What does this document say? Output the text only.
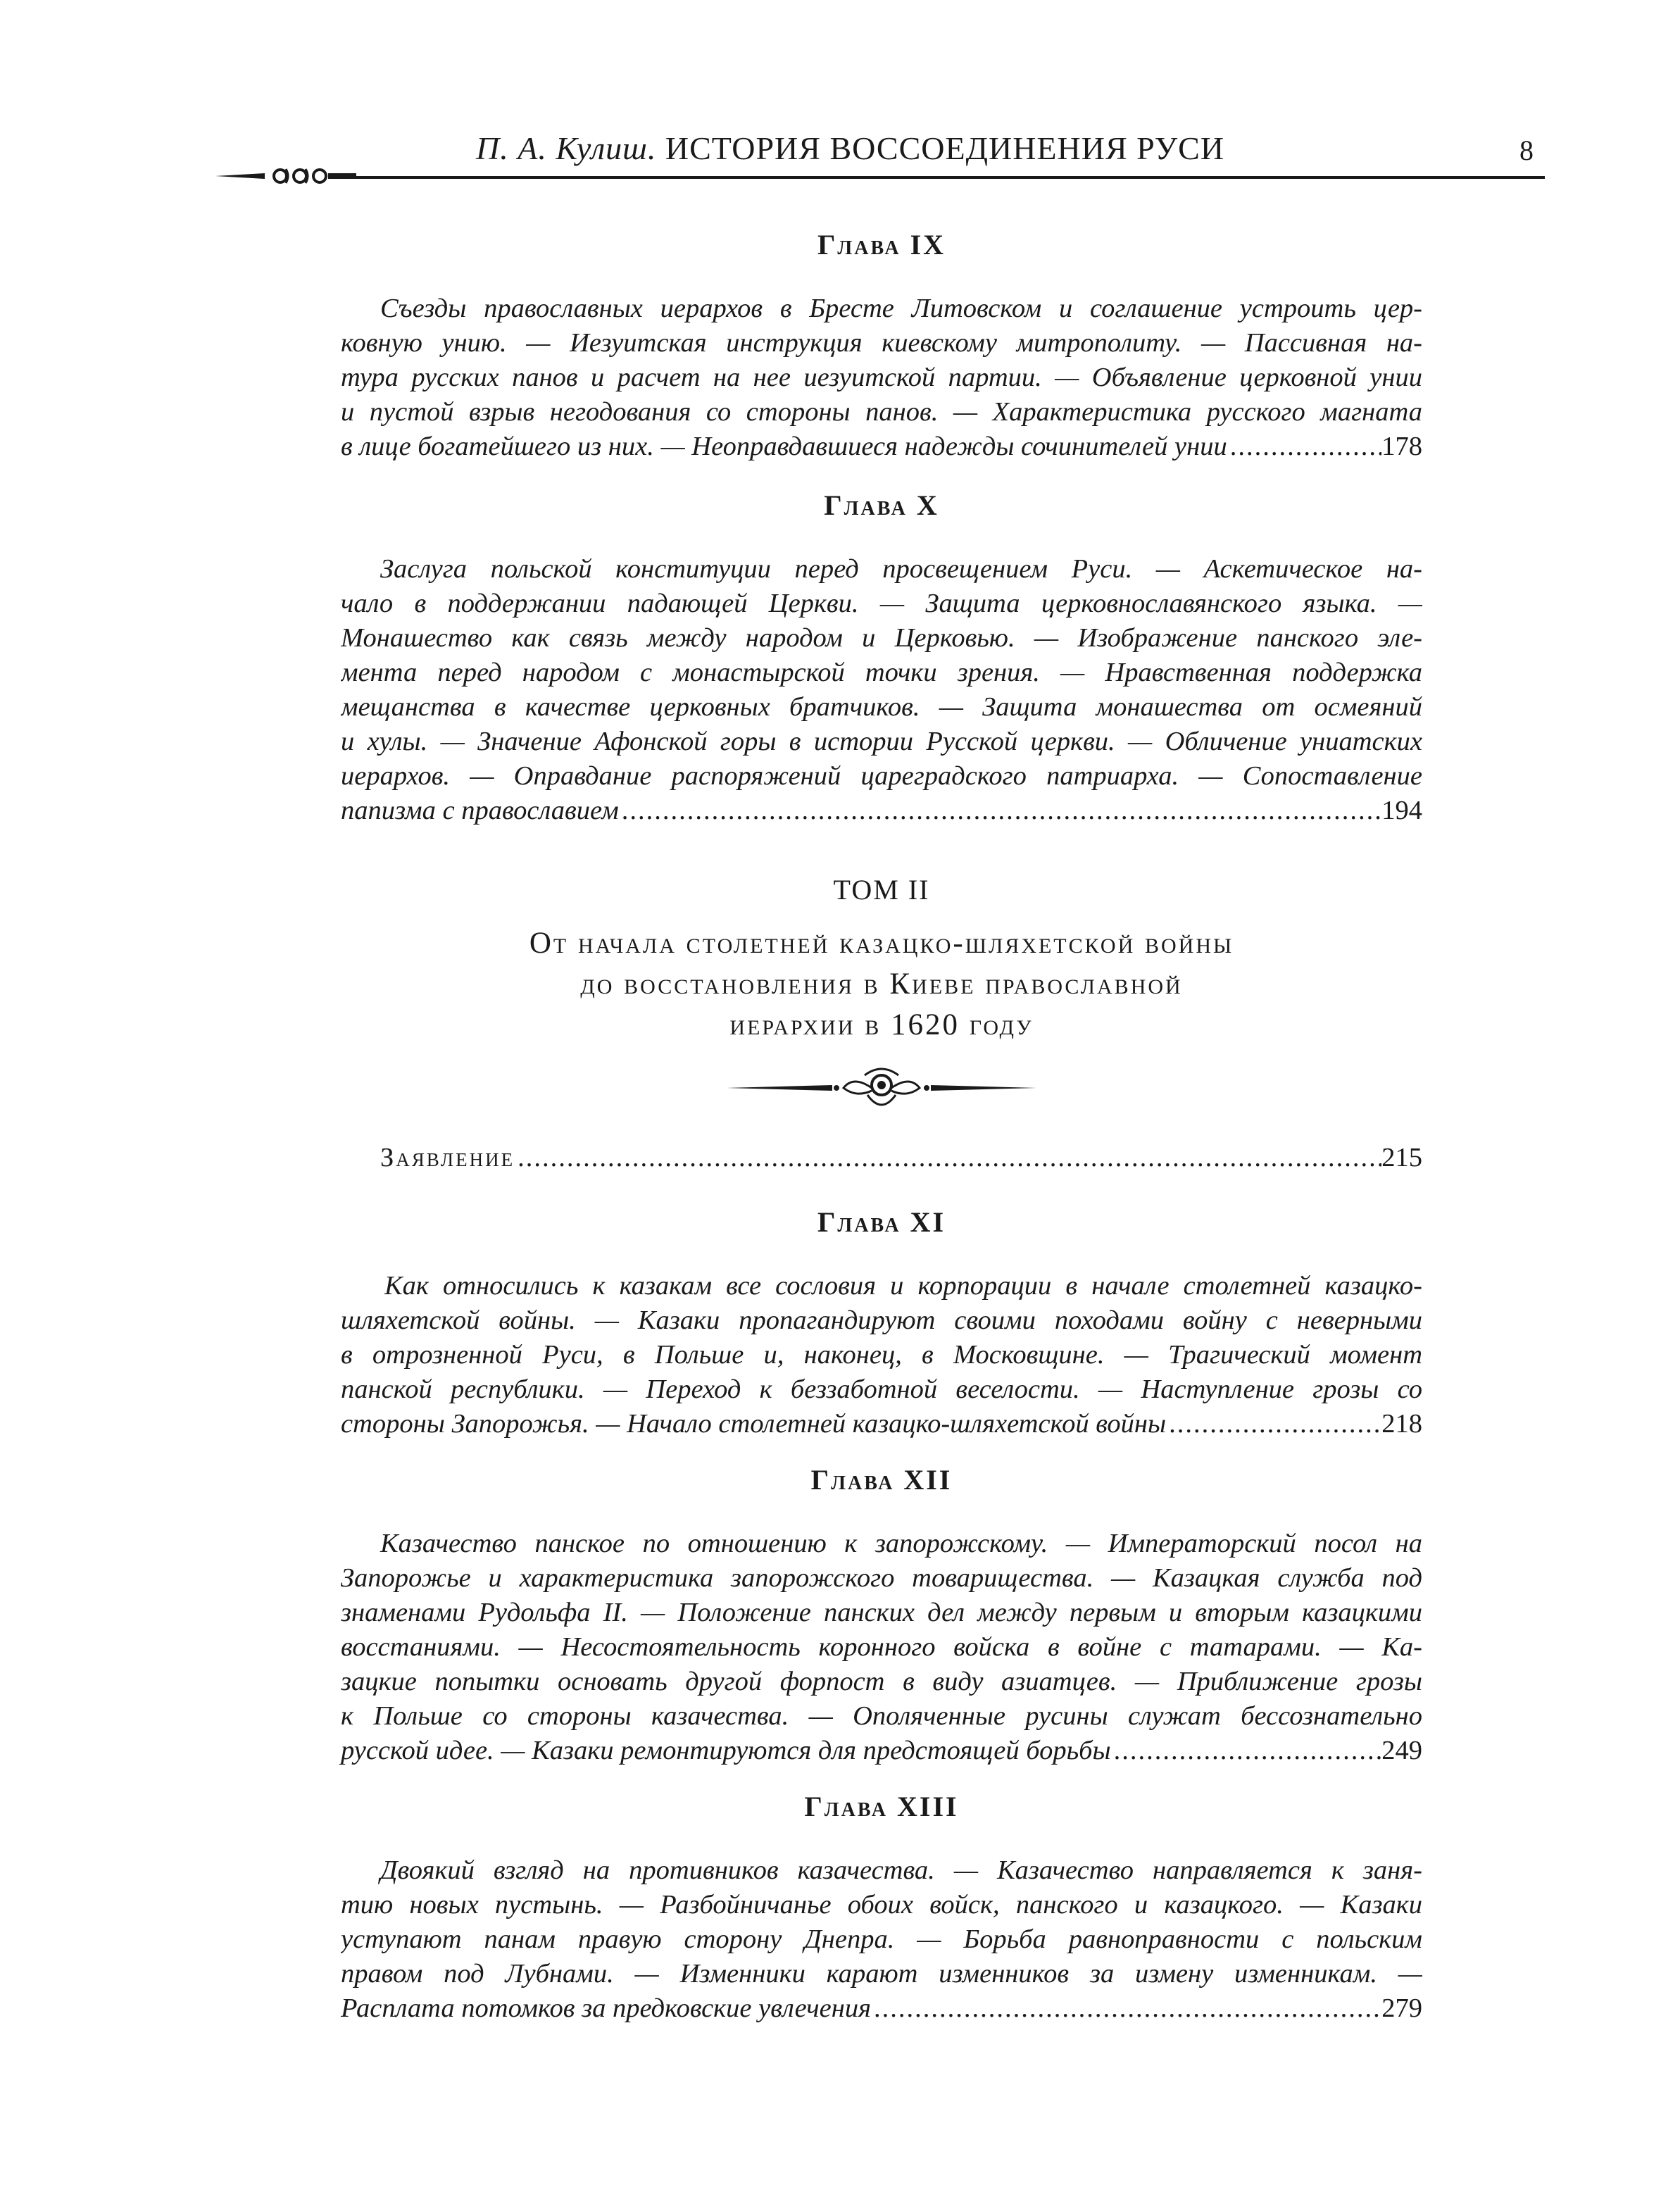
П. А. Кулиш. ИСТОРИЯ ВОССОЕДИНЕНИЯ РУСИ	8
Глава IX
Съезды православных иерархов в Бресте Литовском и соглашение устроить цер-
ковную унию. — Иезуитская инструкция киевскому митрополиту. — Пассивная на-
тура русских панов и расчет на нее иезуитской партии. — Объявление церковной унии
и пустой взрыв негодования со стороны панов. — Характеристика русского магната
в лице богатейшего из них. — Неоправдавшиеся надежды сочинителей унии .....	178
Глава X
Заслуга польской конституции перед просвещением Руси. — Аскетическое на-
чало в поддержании падающей Церкви. — Защита церковнославянского языка. —
Монашество как связь между народом и Церковью. — Изображение панского эле-
мента перед народом с монастырской точки зрения. — Нравственная поддержка
мещанства в качестве церковных братчиков. — Защита монашества от осмеяний
и хулы. — Значение Афонской горы в истории Русской церкви. — Обличение униатских
иерархов. — Оправдание распоряжений цареградского патриарха. — Сопоставление
папизма с православием .....	194
ТОМ II
От начала столетней казацко-шляхетской войны
до восстановления в Киеве православной
иерархии в 1620 году
Заявление .....	215
Глава XI
Как относились к казакам все сословия и корпорации в начале столетней казацко-
шляхетской войны. — Казаки пропагандируют своими походами войну с неверными
в отрозненной Руси, в Польше и, наконец, в Московщине. — Трагический момент
панской республики. — Переход к беззаботной веселости. — Наступление грозы со
стороны Запорожья. — Начало столетней казацко-шляхетской войны .....	218
Глава XII
Казачество панское по отношению к запорожскому. — Императорский посол на
Запорожье и характеристика запорожского товарищества. — Казацкая служба под
знаменами Рудольфа II. — Положение панских дел между первым и вторым казацкими
восстаниями. — Несостоятельность коронного войска в войне с татарами. — Ка-
зацкие попытки основать другой форпост в виду азиатцев. — Приближение грозы
к Польше со стороны казачества. — Ополяченные русины служат бессознательно
русской идее. — Казаки ремонтируются для предстоящей борьбы .....	249
Глава XIII
Двоякий взгляд на противников казачества. — Казачество направляется к заня-
тию новых пустынь. — Разбойничанье обоих войск, панского и казацкого. — Казаки
уступают панам правую сторону Днепра. — Борьба равноправности с польским
правом под Лубнами. — Изменники карают изменников за измену изменникам. —
Расплата потомков за предковские увлечения .....	279
